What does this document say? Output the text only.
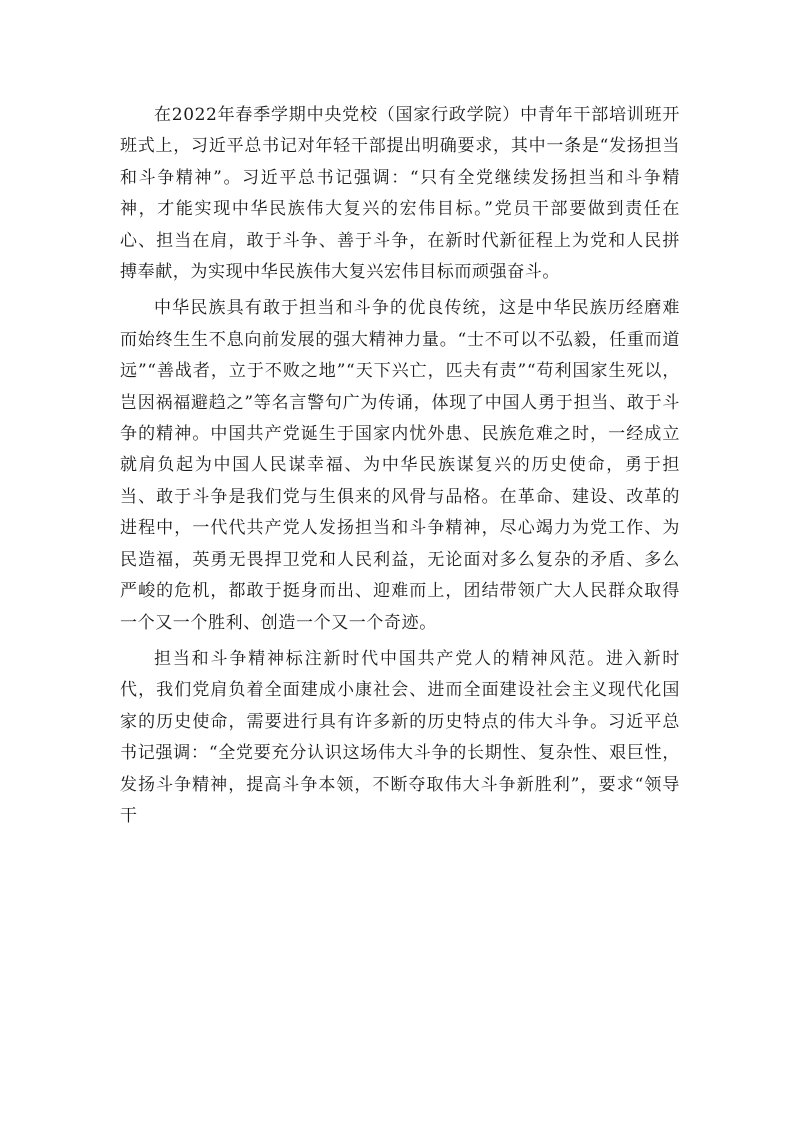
在2022年春季学期中央党校（国家行政学院）中青年干部培训班开班式上，习近平总书记对年轻干部提出明确要求，其中一条是“发扬担当和斗争精神”。习近平总书记强调：“只有全党继续发扬担当和斗争精神，才能实现中华民族伟大复兴的宏伟目标。”党员干部要做到责任在心、担当在肩，敢于斗争、善于斗争，在新时代新征程上为党和人民拼搏奉献，为实现中华民族伟大复兴宏伟目标而顽强奋斗。

中华民族具有敢于担当和斗争的优良传统，这是中华民族历经磨难而始终生生不息向前发展的强大精神力量。“士不可以不弘毅，任重而道远”“善战者，立于不败之地”“天下兴亡，匹夫有责”“苟利国家生死以，岂因祸福避趋之”等名言警句广为传诵，体现了中国人勇于担当、敢于斗争的精神。中国共产党诞生于国家内忧外患、民族危难之时，一经成立就肩负起为中国人民谋幸福、为中华民族谋复兴的历史使命，勇于担当、敢于斗争是我们党与生俱来的风骨与品格。在革命、建设、改革的进程中，一代代共产党人发扬担当和斗争精神，尽心竭力为党工作、为民造福，英勇无畏捍卫党和人民利益，无论面对多么复杂的矛盾、多么严峻的危机，都敢于挺身而出、迎难而上，团结带领广大人民群众取得一个又一个胜利、创造一个又一个奇迹。

担当和斗争精神标注新时代中国共产党人的精神风范。进入新时代，我们党肩负着全面建成小康社会、进而全面建设社会主义现代化国家的历史使命，需要进行具有许多新的历史特点的伟大斗争。习近平总书记强调：“全党要充分认识这场伟大斗争的长期性、复杂性、艰巨性，发扬斗争精神，提高斗争本领，不断夺取伟大斗争新胜利”，要求“领导干
